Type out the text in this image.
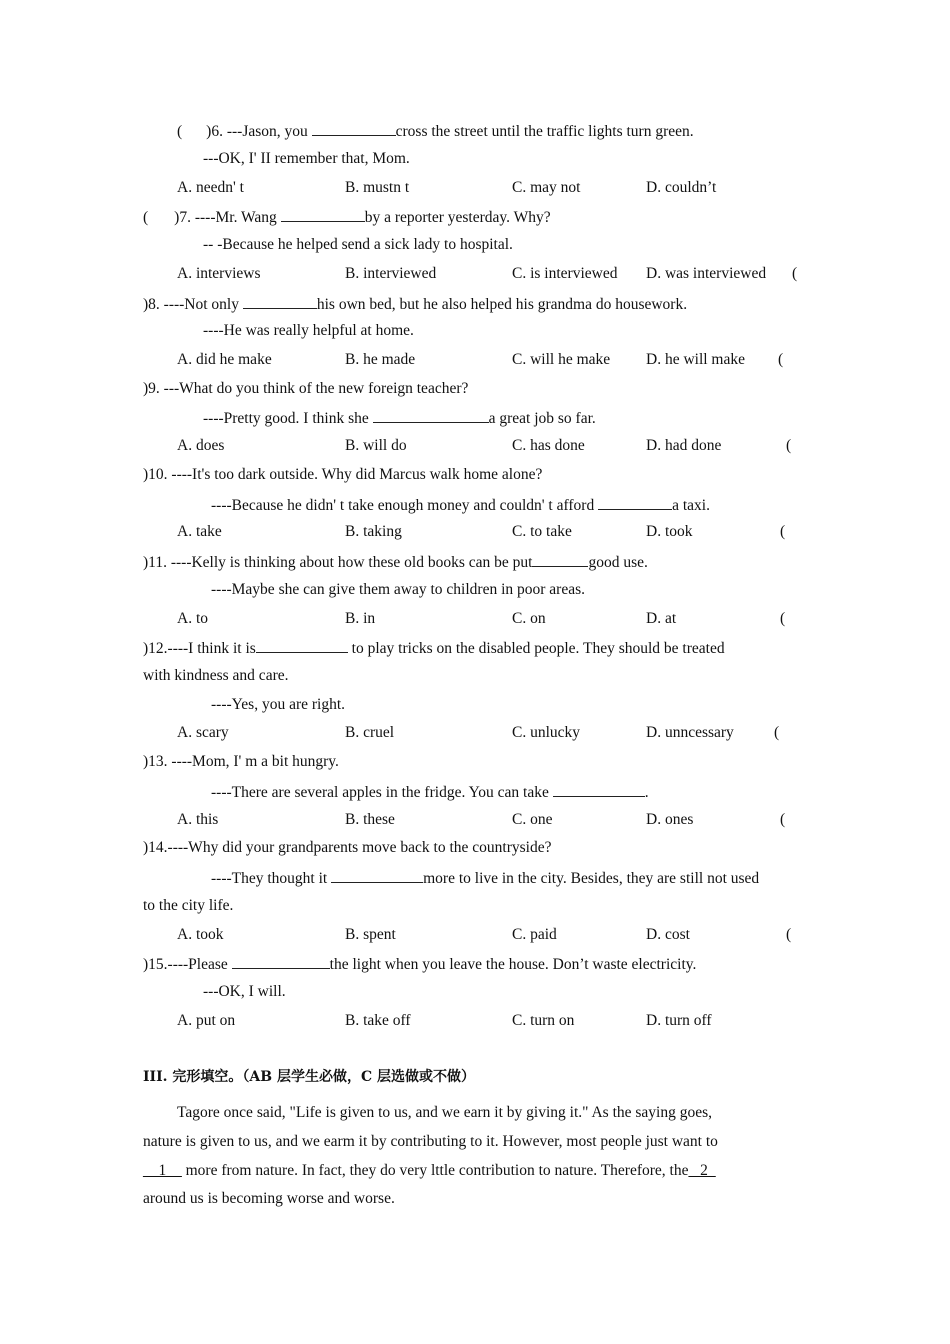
( )6. ---Jason, you	cross the street until the traffic lights turn green.
---OK, I' II remember that, Mom.
A. needn' t	B. mustn t	C. may not	D. couldn’t
( )7. ----Mr. Wang	by a reporter yesterday. Why?
-- -Because he helped send a sick lady to hospital.
A. interviews	B. interviewed	C. is interviewed D. was interviewed (
)8. ----Not only	his own bed, but he also helped his grandma do housework.
----He was really helpful at home.
A. did he make	B. he made	C. will he make D. he will make (
)9. ---What do you think of the new foreign teacher?
----Pretty good. I think she	a great job so far.
A. does	B. will do	C. has done	D. had done	(
)10. ----It's too dark outside. Why did Marcus walk home alone?
----Because he didn' t take enough money and couldn' t afford	a taxi.
A. take	B. taking	C. to take	D. took	(
)11. ----Kelly is thinking about how these old books can be put	good use.
----Maybe she can give them away to children in poor areas.
A. to	B. in	C. on	D. at	(
)12.----I think it is	to play tricks on the disabled people. They should be treated
with kindness and care.
----Yes, you are right.
A. scary	B. cruel	C. unlucky	D. unncessary	(
)13. ----Mom, I' m a bit hungry.
----There are several apples in the fridge. You can take	.
A. this	B. these	C. one	D. ones	(
)14.----Why did your grandparents move back to the countryside?
----They thought it	more to live in the city. Besides, they are still not used
to the city life.
A. took	B. spent	C. paid	D. cost	(
)15.----Please	the light when you leave the house. Don’t waste electricity.
---OK, I will.
A. put on	B. take off	C. turn on	D. turn off
III. 完形填空。（AB 层学生必做，C 层选做或不做）
Tagore once said, "Life is given to us, and we earn it by giving it." As the saying goes,
nature is given to us, and we earm it by contributing to it. However, most people just want to
__1__ more from nature. In fact, they do very lttle contribution to nature. Therefore, the_ 2_
around us is becoming worse and worse.
